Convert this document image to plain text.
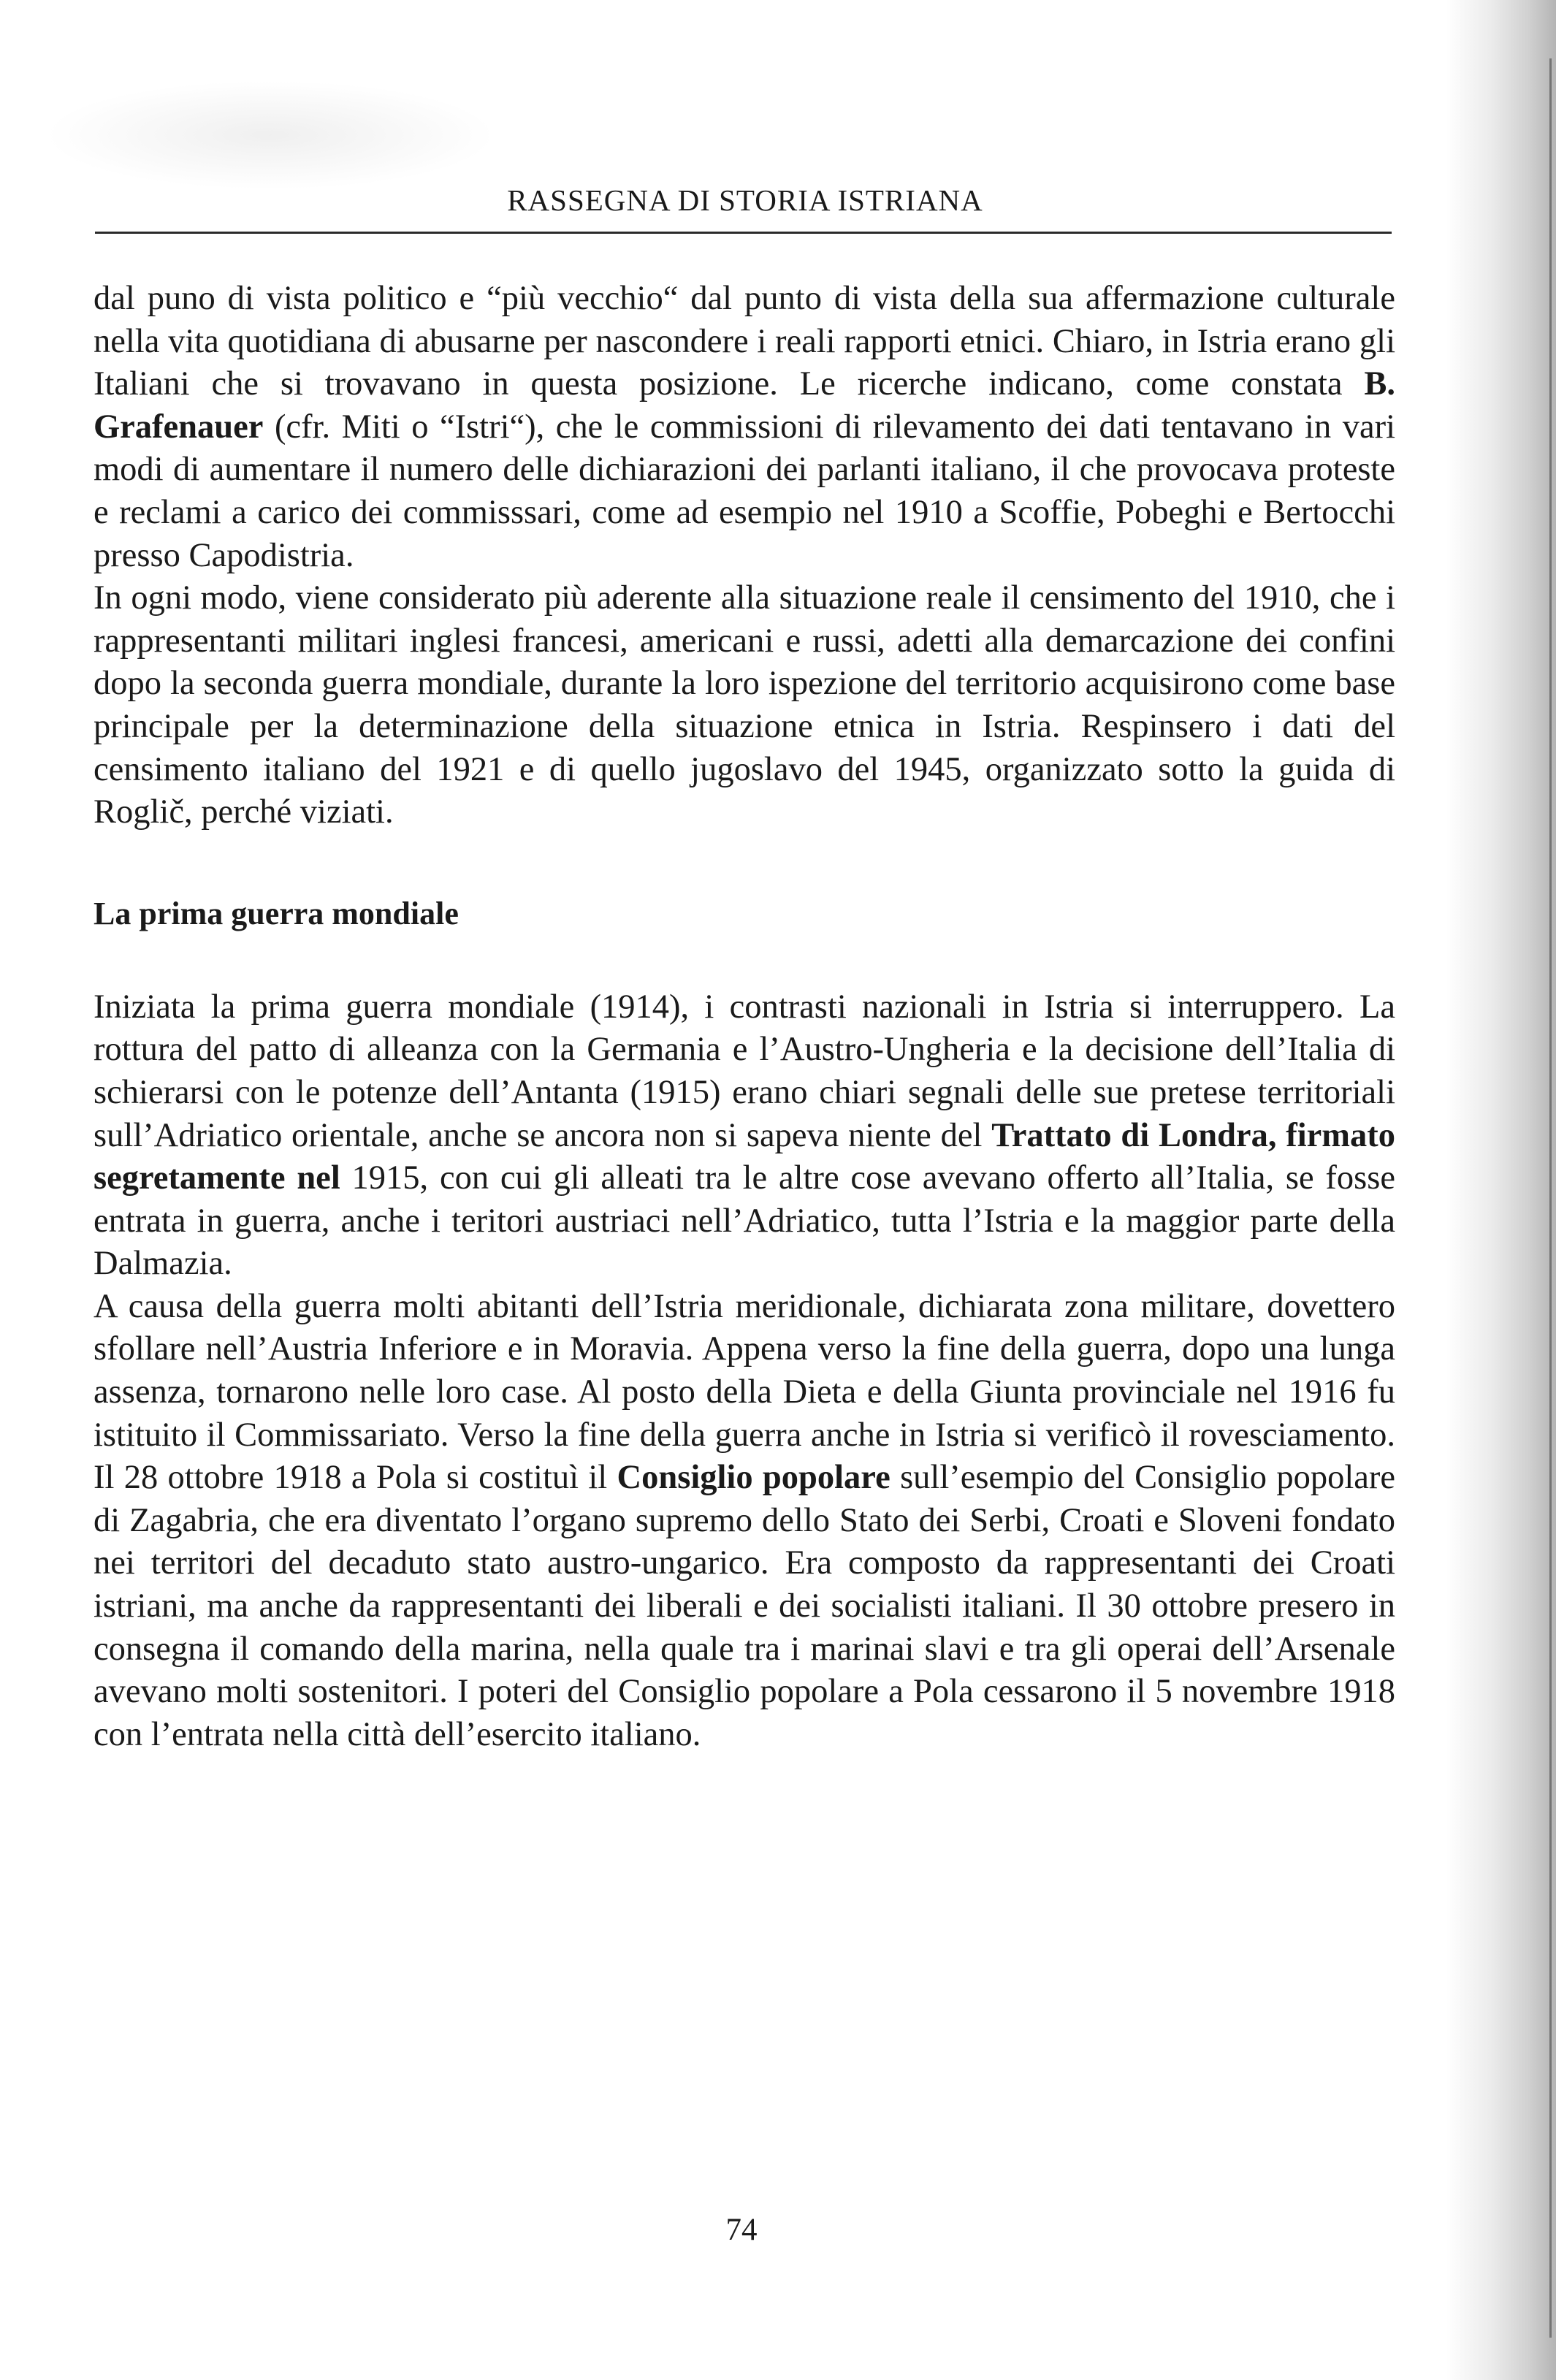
RASSEGNA DI STORIA ISTRIANA

dal puno di vista politico e “più vecchio“ dal punto di vista della sua affermazione culturale nella vita quotidiana di abusarne per nascondere i reali rapporti etnici. Chiaro, in Istria erano gli Italiani che si trovavano in questa posizione. Le ricerche indicano, come constata B. Grafenauer (cfr. Miti o “Istri“), che le commissioni di rilevamento dei dati tentavano in vari modi di aumentare il numero delle dichiarazioni dei parlanti italiano, il che provocava proteste e reclami a carico dei commisssari, come ad esempio nel 1910 a Scoffie, Pobeghi e Bertocchi presso Capodistria.

In ogni modo, viene considerato più aderente alla situazione reale il censimento del 1910, che i rappresentanti militari inglesi francesi, americani e russi, adetti alla demarcazione dei confini dopo la seconda guerra mondiale, durante la loro ispezione del territorio acquisirono come base principale per la determinazione della situazione etnica in Istria. Respinsero i dati del censimento italiano del 1921 e di quello jugoslavo del 1945, organizzato sotto la guida di Roglič, perché viziati.

La prima guerra mondiale

Iniziata la prima guerra mondiale (1914), i contrasti nazionali in Istria si interruppero. La rottura del patto di alleanza con la Germania e l’Austro-Ungheria e la decisione dell’Italia di schierarsi con le potenze dell’Antanta (1915) erano chiari segnali delle sue pretese territoriali sull’Adriatico orientale, anche se ancora non si sapeva niente del Trattato di Londra, firmato segretamente nel 1915, con cui gli alleati tra le altre cose avevano offerto all’Italia, se fosse entrata in guerra, anche i teritori austriaci nell’Adriatico, tutta l’Istria e la maggior parte della Dalmazia.

A causa della guerra molti abitanti dell’Istria meridionale, dichiarata zona militare, dovettero sfollare nell’Austria Inferiore e in Moravia. Appena verso la fine della guerra, dopo una lunga assenza, tornarono nelle loro case. Al posto della Dieta e della Giunta provinciale nel 1916 fu istituito il Commissariato. Verso la fine della guerra anche in Istria si verificò il rovesciamento. Il 28 ottobre 1918 a Pola si costituì il Consiglio popolare sull’esempio del Consiglio popolare di Zagabria, che era diventato l’organo supremo dello Stato dei Serbi, Croati e Sloveni fondato nei territori del decaduto stato austro-ungarico. Era composto da rappresentanti dei Croati istriani, ma anche da rappresentanti dei liberali e dei socialisti italiani. Il 30 ottobre presero in consegna il comando della marina, nella quale tra i marinai slavi e tra gli operai dell’Arsenale avevano molti sostenitori. I poteri del Consiglio popolare a Pola cessarono il 5 novembre 1918 con l’entrata nella città dell’esercito italiano.

74
